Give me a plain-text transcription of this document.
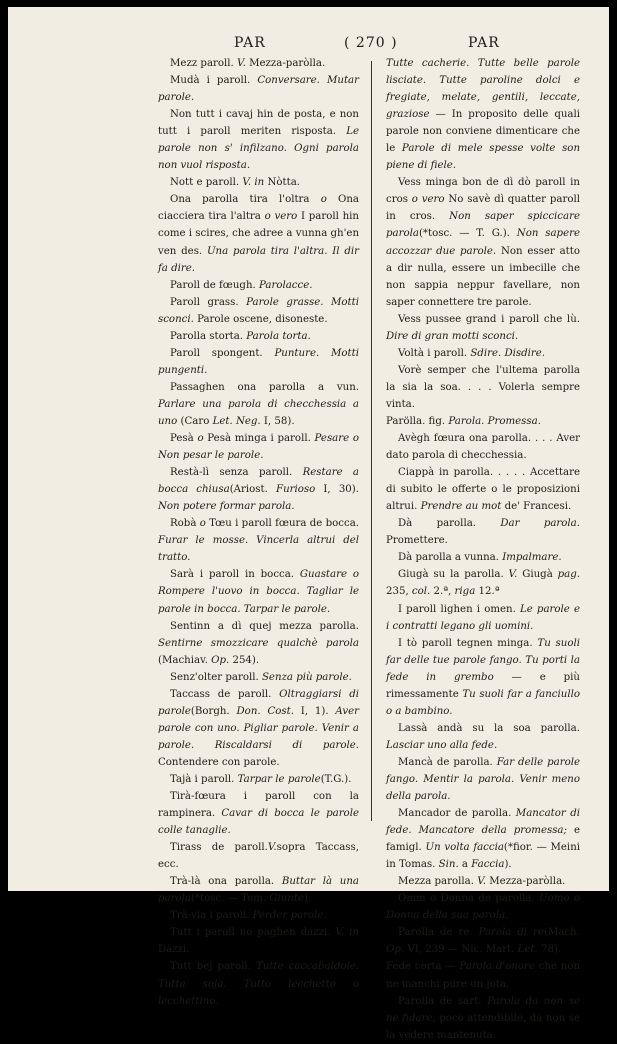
PAR	( 270 )	PAR

Mezz paroll. V. Mezza-paròlla.

Mudà i paroll. Conversare. Mutar parole.

Non tutt i cavaj hin de posta, e non tutt i paroll meriten risposta. Le parole non s' infilzano. Ogni parola non vuol risposta.

Nott e paroll. V. in Nòtta.

Ona parolla tira l'oltra o Ona ciacciera tira l'altra o vero I paroll hin come i scires, che adree a vunna gh'en ven des. Una parola tira l'altra. Il dir fa dire.

Paroll de fœugh. Parolacce.

Paroll grass. Parole grasse. Motti sconci. Parole oscene, disoneste.

Parolla storta. Parola torta.

Paroll spongent. Punture. Motti pungenti.

Passaghen ona parolla a vun. Parlare una parola di checchessia a uno (Caro Let. Neg. I, 58).

Pesà o Pesà minga i paroll. Pesare o Non pesar le parole.

Restà-lì senza paroll. Restare a bocca chiusa(Ariost. Furioso I, 30). Non potere formar parola.

Robà o Tœu i paroll fœura de bocca. Furar le mosse. Vincerla altrui del tratto.

Sarà i paroll in bocca. Guastare o Rompere l'uovo in bocca. Tagliar le parole in bocca. Tarpar le parole.

Sentinn a dì quej mezza parolla. Sentirne smozzicare qualchè parola (Machiav. Op. 254).

Senz'olter paroll. Senza più parole.

Taccass de paroll. Oltraggiarsi di parole(Borgh. Don. Cost. I, 1). Aver parole con uno. Pigliar parole. Venir a parole. Riscaldarsi di parole. Contendere con parole.

Tajà i paroll. Tarpar le parole(T.G.).

Tirà-fœura i paroll con la rampinera. Cavar di bocca le parole colle tanaglie.

Tirass de paroll.V.sopra Taccass, ecc.

Trà-là ona parolla. Buttar là una parola(*tosc. — Tom. Giunte).

Trà-via i paroll. Perder parole.

Tutt i paroll no paghen dazzi. V. in Dàzzi.

Tutt bej paroll. Tutte caccabaldole. Tutta soja. Tutto lecchetto o lecchettino.

Tutte cacherie. Tutte belle parole lisciate. Tutte paroline dolci e fregiate, melate, gentili, leccate, graziose — In proposito delle quali parole non conviene dimenticare che le Parole di mele spesse volte son piene di fiele.

Vess minga bon de dì dò paroll in cros o vero No savè dì quatter paroll in cros. Non saper spiccicare parola(*tosc. — T. G.). Non sapere accozzar due parole. Non esser atto a dir nulla, essere un imbecille che non sappia neppur favellare, non saper connettere tre parole.

Vess pussee grand i paroll che lù. Dire di gran motti sconci.

Voltà i paroll. Sdire. Disdire.

Vorè semper che l'ultema parolla la sia la soa. . . . Volerla sempre vinta.

Parölla. fig. Parola. Promessa.

Avègh fœura ona parolla. . . . Aver dato parola di checchessia.

Ciappà in parolla. . . . . Accettare di subito le offerte o le proposizioni altrui. Prendre au mot de' Francesi.

Dà parolla. Dar parola. Promettere.

Dà parolla a vunna. Impalmare.

Giugà su la parolla. V. Giugà pag. 235, col. 2.ª, riga 12.ª

I paroll lighen i omen. Le parole e i contratti legano gli uomini.

I tò paroll tegnen minga. Tu suoli far delle tue parole fango. Tu porti la fede in grembo — e più rimessamente Tu suoli far a fanciullo o a bambino.

Lassà andà su la soa parolla. Lasciar uno alla fede.

Mancà de parolla. Far delle parole fango. Mentir la parola. Venir meno della parola.

Mancador de parolla. Mancator di fede. Mancatore della promessa; e famigl. Un volta faccia(*fior. — Meini in Tomas. Sin. a Faccia).

Mezza parolla. V. Mezza-paròlla.

Omm o Donna de parolla. Uomo o Donna della sua parola.

Parolla de re. Parola di re(Mach. Op. VI, 239 — Nic. Mart. Let. 78).

Fede certa — Parola d'onore che non ne manchi pure un jota.

Parolla de sart. Parola da non se ne fidare, poco attendibile, da non se la vedere mantenuta.
